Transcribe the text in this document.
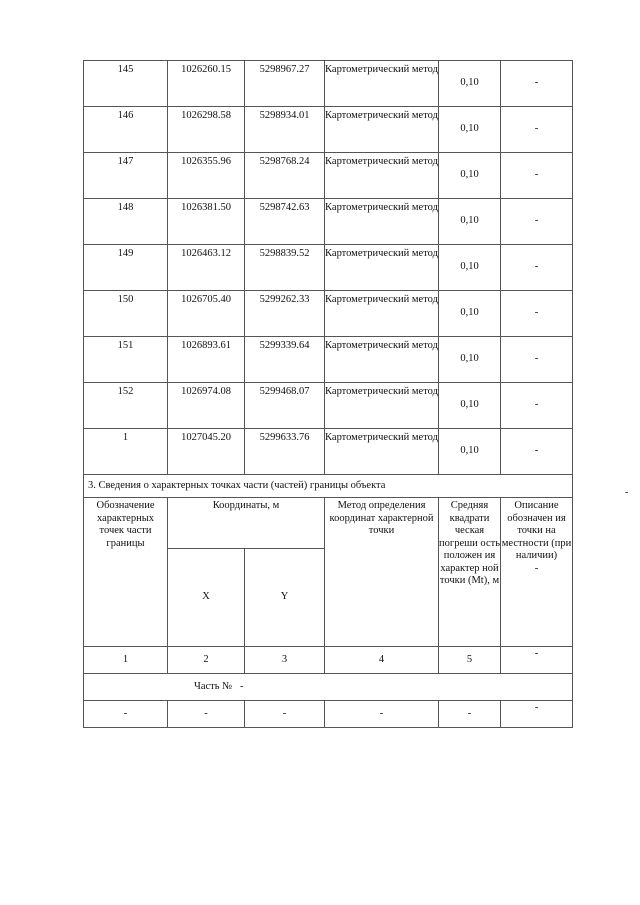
145	1026260.15	5298967.27	Картометрический метод	0,10	-
146	1026298.58	5298934.01	Картометрический метод	0,10	-
147	1026355.96	5298768.24	Картометрический метод	0,10	-
148	1026381.50	5298742.63	Картометрический метод	0,10	-
149	1026463.12	5298839.52	Картометрический метод	0,10	-
150	1026705.40	5299262.33	Картометрический метод	0,10	-
151	1026893.61	5299339.64	Картометрический метод	0,10	-
152	1026974.08	5299468.07	Картометрический метод	0,10	-
1	1027045.20	5299633.76	Картометрический метод	0,10	-
3. Сведения о характерных точках части (частей) границы объекта					
Обозначение характерных точек части границы	Координаты, м		Метод определения координат характерной точки	Средняя квадрати ческая погреши ость положен ия характер ной точки (Mt), м	Описание обозначен ия точки на местности (при наличии)
-

	X	Y			
1	2	3	4	5	-
Часть № -					
-	-	-	-	-	-
-
